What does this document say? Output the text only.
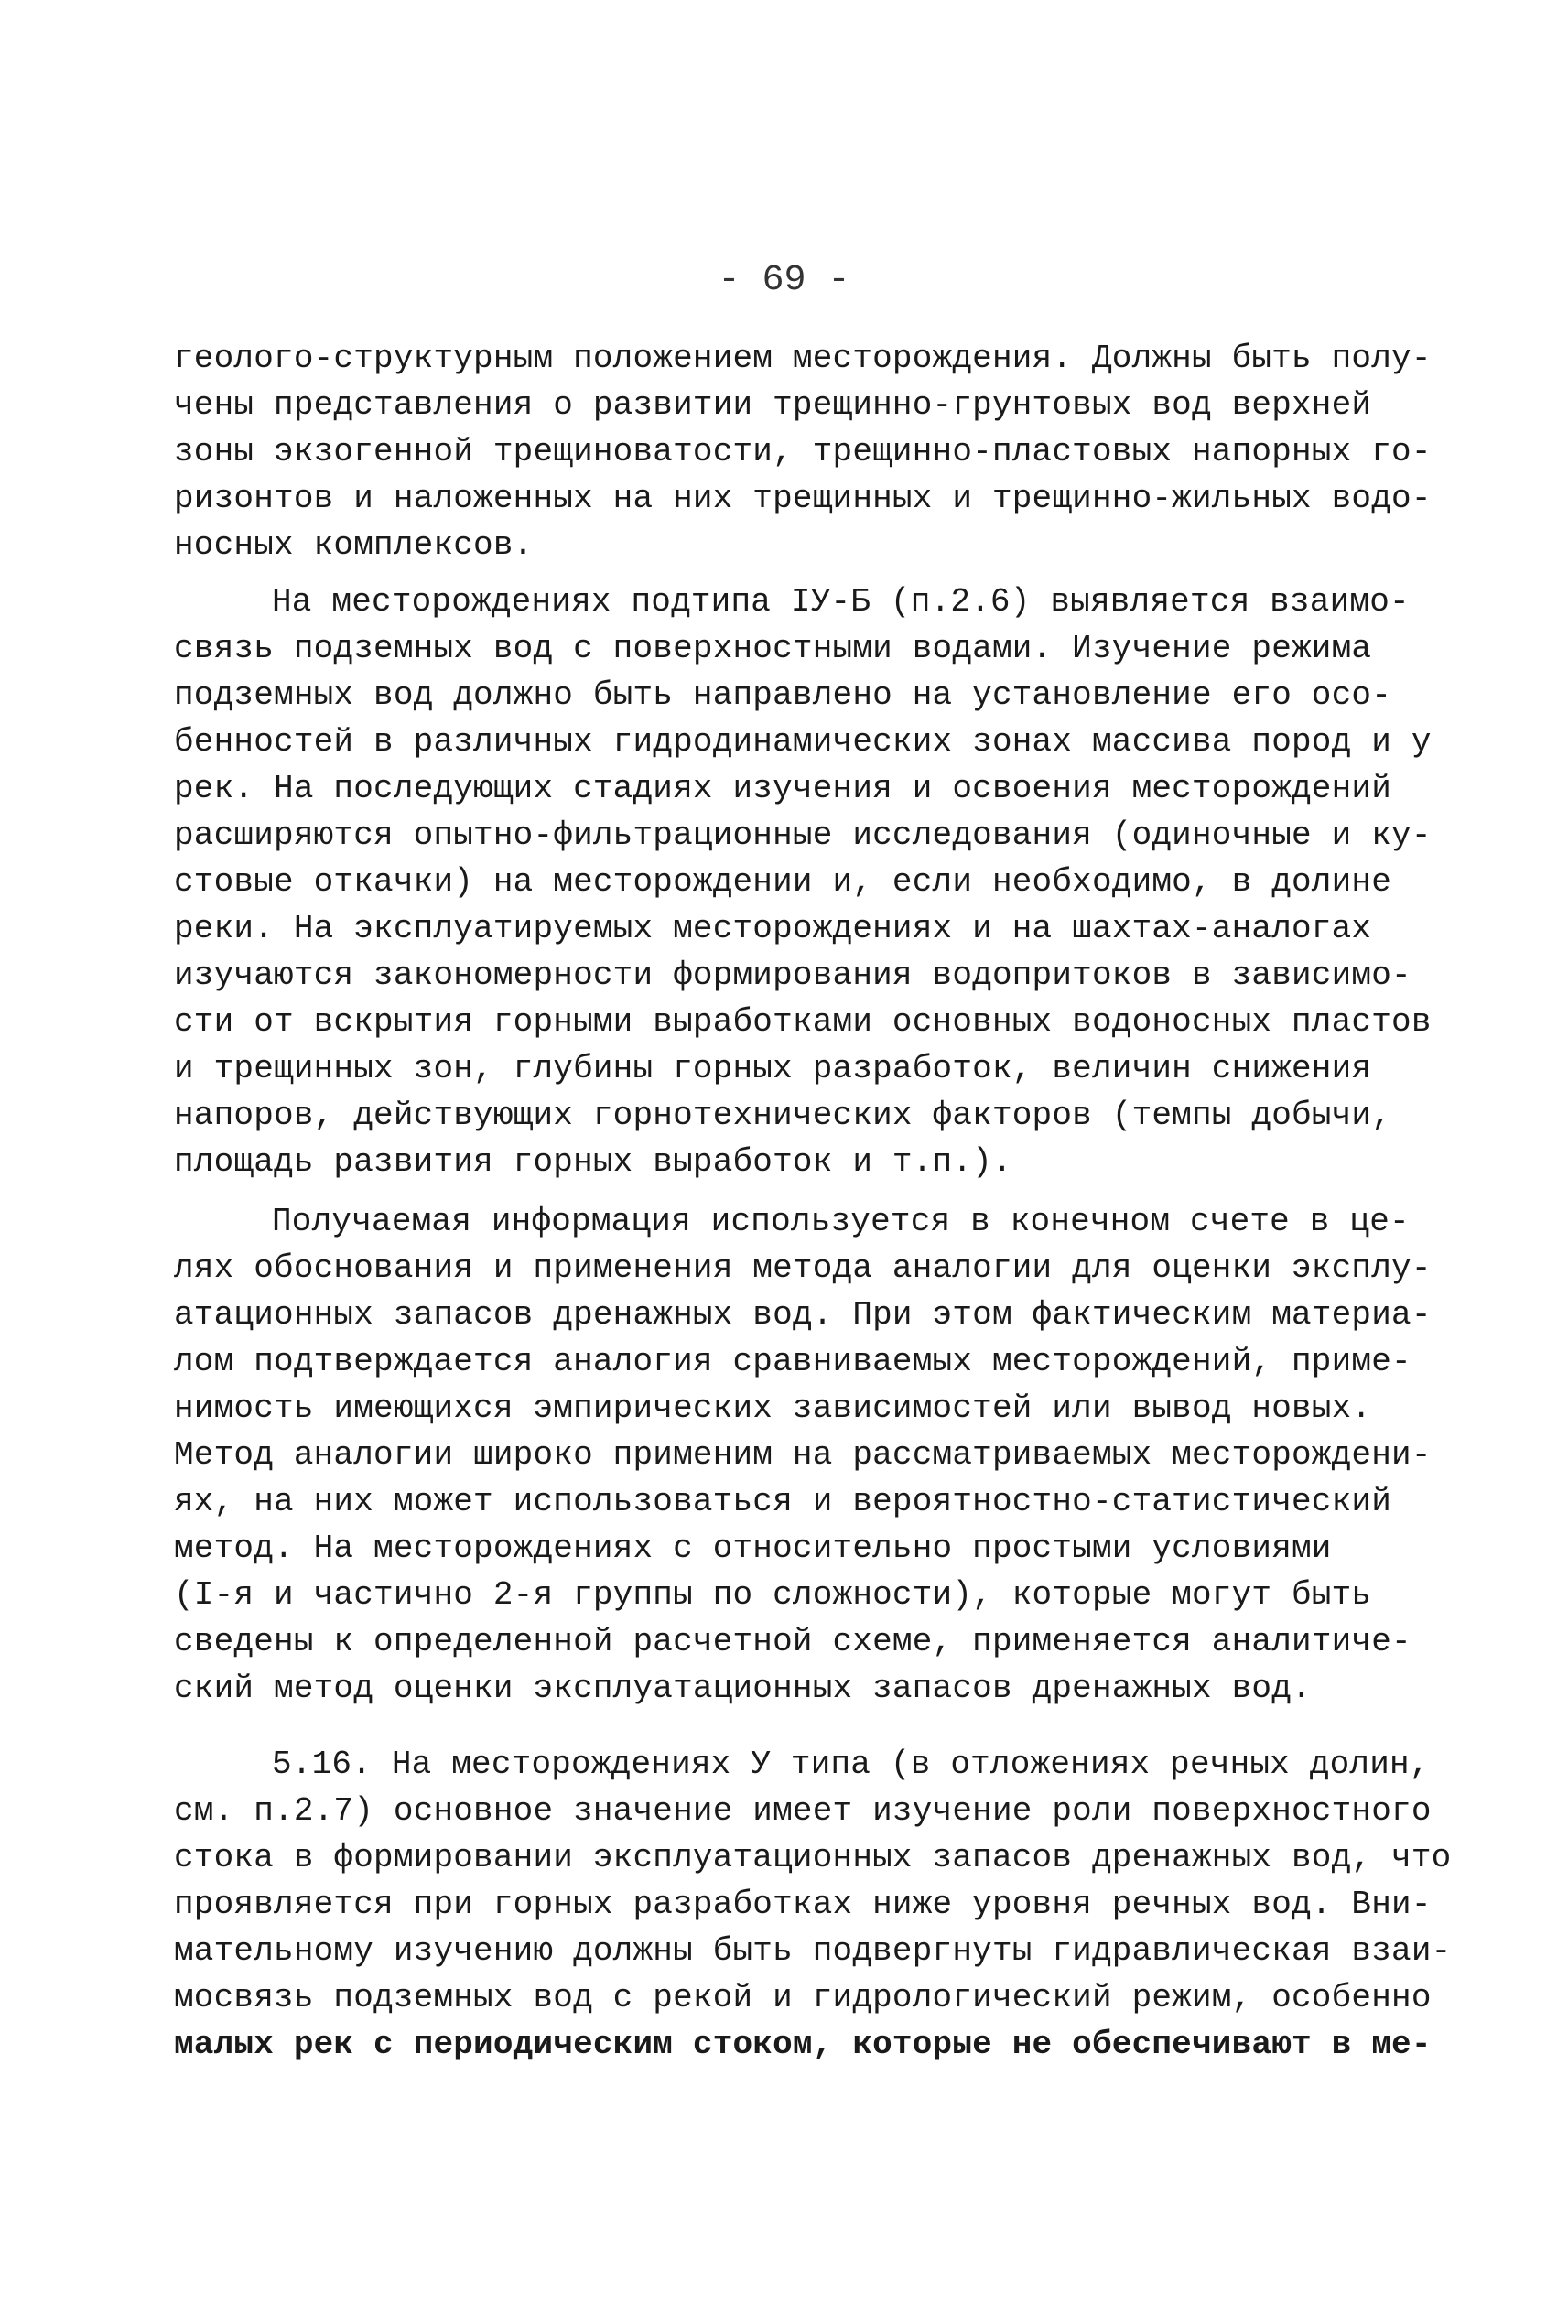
- 69 -
геолого-структурным положением месторождения. Должны быть полу-
чены представления о развитии трещинно-грунтовых вод верхней
зоны экзогенной трещиноватости, трещинно-пластовых напорных го-
ризонтов и наложенных на них трещинных и трещинно-жильных водо-
носных комплексов.
На месторождениях подтипа IУ-Б (п.2.6) выявляется взаимо-
связь подземных вод с поверхностными водами. Изучение режима
подземных вод должно быть направлено на установление его осо-
бенностей в различных гидродинамических зонах массива пород и у
рек. На последующих стадиях изучения и освоения месторождений
расширяются опытно-фильтрационные исследования (одиночные и ку-
стовые откачки) на месторождении и, если необходимо, в долине
реки. На эксплуатируемых месторождениях и на шахтах-аналогах
изучаются закономерности формирования водопритоков в зависимо-
сти от вскрытия горными выработками основных водоносных пластов
и трещинных зон, глубины горных разработок, величин снижения
напоров, действующих горнотехнических факторов (темпы добычи,
площадь развития горных выработок и т.п.).
Получаемая информация используется в конечном счете в це-
лях обоснования и применения метода аналогии для оценки эксплу-
атационных запасов дренажных вод. При этом фактическим материа-
лом подтверждается аналогия сравниваемых месторождений, приме-
нимость имеющихся эмпирических зависимостей или вывод новых.
Метод аналогии широко применим на рассматриваемых месторождени-
ях, на них может использоваться и вероятностно-статистический
метод. На месторождениях с относительно простыми условиями
(I-я и частично 2-я группы по сложности), которые могут быть
сведены к определенной расчетной схеме, применяется аналитиче-
ский метод оценки эксплуатационных запасов дренажных вод.
5.16. На месторождениях У типа (в отложениях речных долин,
см. п.2.7) основное значение имеет изучение роли поверхностного
стока в формировании эксплуатационных запасов дренажных вод, что
проявляется при горных разработках ниже уровня речных вод. Вни-
мательному изучению должны быть подвергнуты гидравлическая взаи-
мосвязь подземных вод с рекой и гидрологический режим, особенно
малых рек с периодическим стоком, которые не обеспечивают в ме-
